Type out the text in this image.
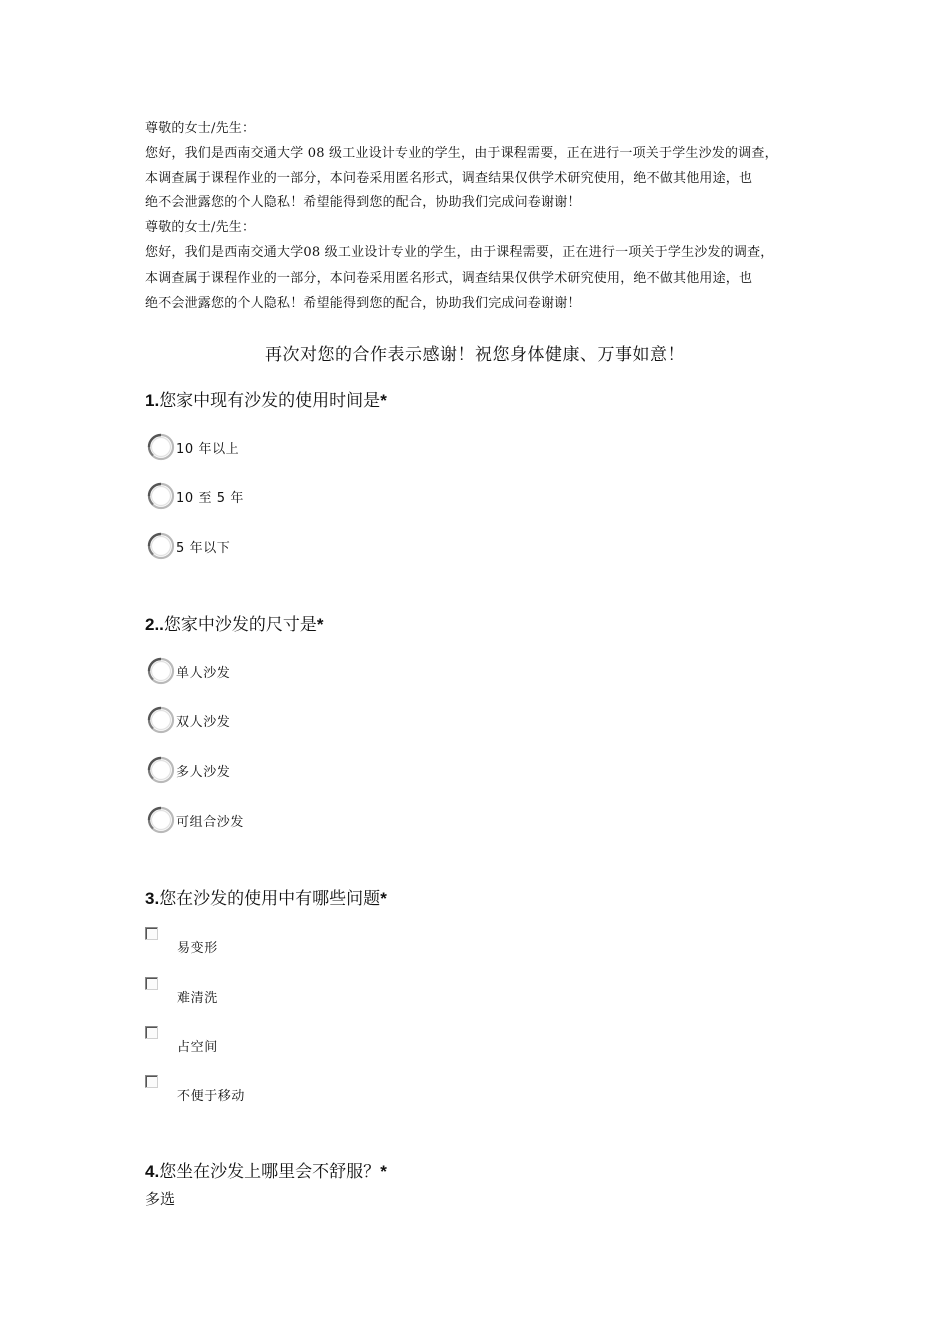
尊敬的女士/先生：
您好，我们是西南交通大学 08 级工业设计专业的学生，由于课程需要，正在进行一项关于学生沙发的调查，
本调查属于课程作业的一部分，本问卷采用匿名形式，调查结果仅供学术研究使用，绝不做其他用途，也
绝不会泄露您的个人隐私！希望能得到您的配合，协助我们完成问卷谢谢！
尊敬的女士/先生：
您好，我们是西南交通大学08 级工业设计专业的学生，由于课程需要，正在进行一项关于学生沙发的调查，
本调查属于课程作业的一部分，本问卷采用匿名形式，调查结果仅供学术研究使用，绝不做其他用途，也
绝不会泄露您的个人隐私！希望能得到您的配合，协助我们完成问卷谢谢！
再次对您的合作表示感谢！祝您身体健康、万事如意！
1.您家中现有沙发的使用时间是*
10 年以上
10 至 5 年
5 年以下
2..您家中沙发的尺寸是*
单人沙发
双人沙发
多人沙发
可组合沙发
3.您在沙发的使用中有哪些问题*
易变形
难清洗
占空间
不便于移动
4.您坐在沙发上哪里会不舒服？*
多选
